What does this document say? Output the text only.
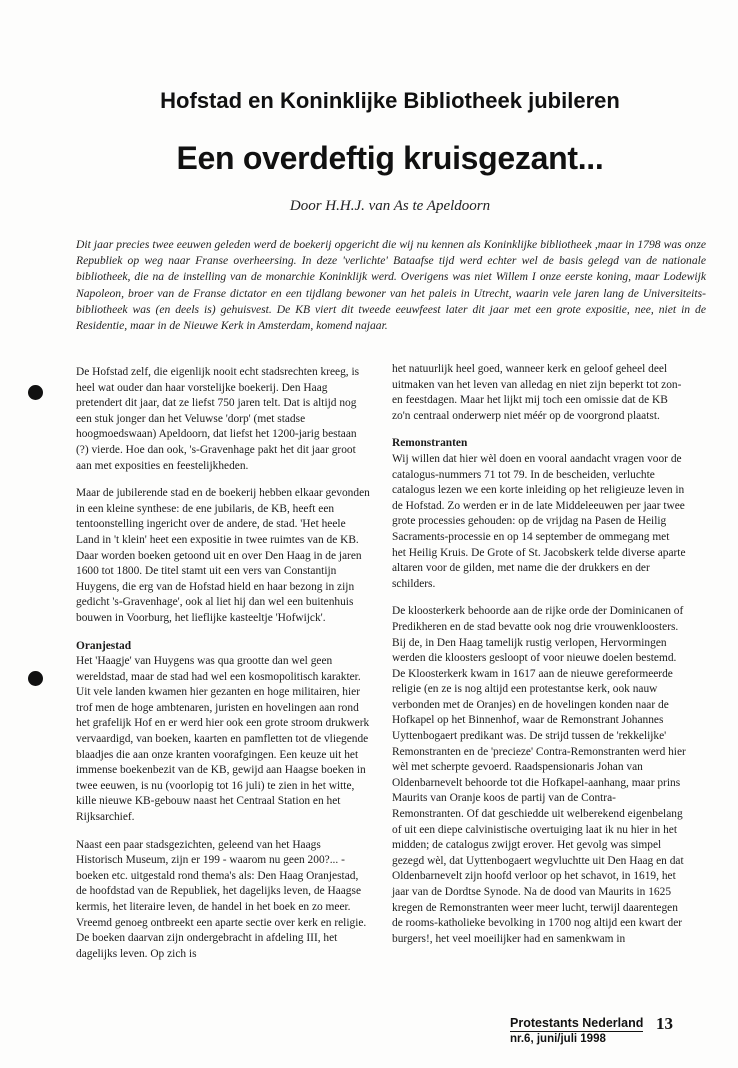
Hofstad en Koninklijke Bibliotheek jubileren
Een overdeftig kruisgezant...
Door H.H.J. van As te Apeldoorn
Dit jaar precies twee eeuwen geleden werd de boekerij opgericht die wij nu kennen als Koninklijke bibliotheek ,maar in 1798 was onze Republiek op weg naar Franse overheersing. In deze 'verlichte' Bataafse tijd werd echter wel de basis gelegd van de nationale bibliotheek, die na de instelling van de monarchie Koninklijk werd. Overigens was niet Willem I onze eerste koning, maar Lodewijk Napoleon, broer van de Franse dictator en een tijdlang bewoner van het paleis in Utrecht, waarin vele jaren lang de Universiteits-bibliotheek was (en deels is) gehuisvest. De KB viert dit tweede eeuwfeest later dit jaar met een grote expositie, nee, niet in de Residentie, maar in de Nieuwe Kerk in Amsterdam, komend najaar.

De Hofstad zelf, die eigenlijk nooit echt stadsrechten kreeg, is heel wat ouder dan haar vorstelijke boekerij. Den Haag pretendert dit jaar, dat ze liefst 750 jaren telt. Dat is altijd nog een stuk jonger dan het Veluwse 'dorp' (met stadse hoogmoedswaan) Apeldoorn, dat liefst het 1200-jarig bestaan (?) vierde. Hoe dan ook, 's-Gravenhage pakt het dit jaar groot aan met exposities en feestelijkheden.

Maar de jubilerende stad en de boekerij hebben elkaar gevonden in een kleine synthese: de ene jubilaris, de KB, heeft een tentoonstelling ingericht over de andere, de stad. 'Het heele Land in 't klein' heet een expositie in twee ruimtes van de KB. Daar worden boeken getoond uit en over Den Haag in de jaren 1600 tot 1800. De titel stamt uit een vers van Constantijn Huygens, die erg van de Hofstad hield en haar bezong in zijn gedicht 's-Gravenhage', ook al liet hij dan wel een buitenhuis bouwen in Voorburg, het lieflijke kasteeltje 'Hofwijck'.

Oranjestad

Het 'Haagje' van Huygens was qua grootte dan wel geen wereldstad, maar de stad had wel een kosmopolitisch karakter. Uit vele landen kwamen hier gezanten en hoge militairen, hier trof men de hoge ambtenaren, juristen en hovelingen aan rond het grafelijk Hof en er werd hier ook een grote stroom drukwerk vervaardigd, van boeken, kaarten en pamfletten tot de vliegende blaadjes die aan onze kranten voorafgingen. Een keuze uit het immense boekenbezit van de KB, gewijd aan Haagse boeken in twee eeuwen, is nu (voorlopig tot 16 juli) te zien in het witte, kille nieuwe KB-gebouw naast het Centraal Station en het Rijksarchief.

Naast een paar stadsgezichten, geleend van het Haags Historisch Museum, zijn er 199 - waarom nu geen 200?... - boeken etc. uitgestald rond thema's als: Den Haag Oranjestad, de hoofdstad van de Republiek, het dagelijks leven, de Haagse kermis, het literaire leven, de handel in het boek en zo meer. Vreemd genoeg ontbreekt een aparte sectie over kerk en religie. De boeken daarvan zijn ondergebracht in afdeling III, het dagelijks leven. Op zich is

het natuurlijk heel goed, wanneer kerk en geloof geheel deel uitmaken van het leven van alledag en niet zijn beperkt tot zon- en feestdagen. Maar het lijkt mij toch een omissie dat de KB zo'n centraal onderwerp niet méér op de voorgrond plaatst.

Remonstranten

Wij willen dat hier wèl doen en vooral aandacht vragen voor de catalogus-nummers 71 tot 79. In de bescheiden, verluchte catalogus lezen we een korte inleiding op het religieuze leven in de Hofstad. Zo werden er in de late Middeleeuwen per jaar twee grote processies gehouden: op de vrijdag na Pasen de Heilig Sacraments-processie en op 14 september de ommegang met het Heilig Kruis. De Grote of St. Jacobskerk telde diverse aparte altaren voor de gilden, met name die der drukkers en der schilders.

De kloosterkerk behoorde aan de rijke orde der Dominicanen of Predikheren en de stad bevatte ook nog drie vrouwenkloosters. Bij de, in Den Haag tamelijk rustig verlopen, Hervormingen werden die kloosters gesloopt of voor nieuwe doelen bestemd. De Kloosterkerk kwam in 1617 aan de nieuwe gereformeerde religie (en ze is nog altijd een protestantse kerk, ook nauw verbonden met de Oranjes) en de hovelingen konden naar de Hofkapel op het Binnenhof, waar de Remonstrant Johannes Uyttenbogaert predikant was. De strijd tussen de 'rekkelijke' Remonstranten en de 'precieze' Contra-Remonstranten werd hier wèl met scherpte gevoerd. Raadspensionaris Johan van Oldenbarnevelt behoorde tot die Hofkapel-aanhang, maar prins Maurits van Oranje koos de partij van de Contra-Remonstranten. Of dat geschiedde uit welberekend eigenbelang of uit een diepe calvinistische overtuiging laat ik nu hier in het midden; de catalogus zwijgt erover. Het gevolg was simpel gezegd wèl, dat Uyttenbogaert wegvluchtte uit Den Haag en dat Oldenbarnevelt zijn hoofd verloor op het schavot, in 1619, het jaar van de Dordtse Synode. Na de dood van Maurits in 1625 kregen de Remonstranten weer meer lucht, terwijl daarentegen de rooms-katholieke bevolking in 1700 nog altijd een kwart der burgers!, het veel moeilijker had en samenkwam in

Protestants Nederland
nr.6, juni/juli 1998
13
